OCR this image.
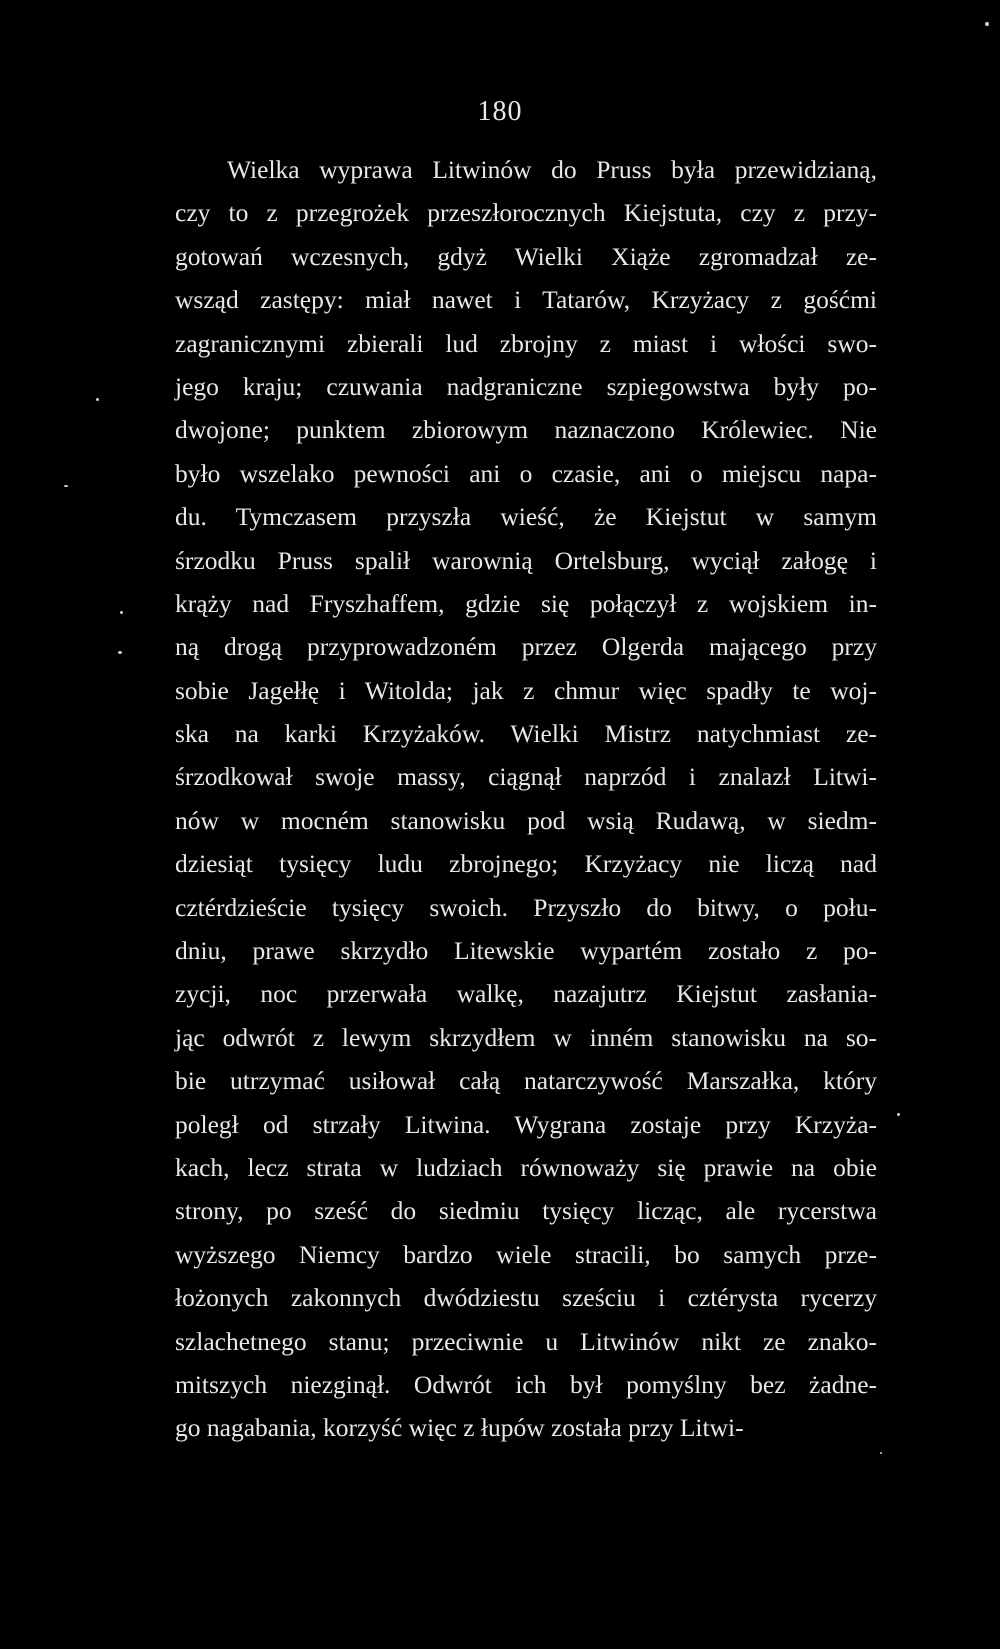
180
Wielka wyprawa Litwinów do Pruss była przewidzianą,
czy to z przegrożek przeszłorocznych Kiejstuta, czy z przy-
gotowań wczesnych, gdyż Wielki Xiąże zgromadzał ze-
wsząd zastępy: miał nawet i Tatarów, Krzyżacy z gośćmi
zagranicznymi zbierali lud zbrojny z miast i włości swo-
jego kraju; czuwania nadgraniczne szpiegowstwa były po-
dwojone; punktem zbiorowym naznaczono Królewiec. Nie
było wszelako pewności ani o czasie, ani o miejscu napa-
du. Tymczasem przyszła wieść, że Kiejstut w samym
śrzodku Pruss spalił warownią Ortelsburg, wyciął załogę i
krąży nad Fryszhaffem, gdzie się połączył z wojskiem in-
ną drogą przyprowadzoném przez Olgerda mającego przy
sobie Jagełłę i Witolda; jak z chmur więc spadły te woj-
ska na karki Krzyżaków. Wielki Mistrz natychmiast ze-
śrzodkował swoje massy, ciągnął naprzód i znalazł Litwi-
nów w mocném stanowisku pod wsią Rudawą, w siedm-
dziesiąt tysięcy ludu zbrojnego; Krzyżacy nie liczą nad
cztérdzieście tysięcy swoich. Przyszło do bitwy, o połu-
dniu, prawe skrzydło Litewskie wypartém zostało z po-
zycji, noc przerwała walkę, nazajutrz Kiejstut zasłania-
jąc odwrót z lewym skrzydłem w inném stanowisku na so-
bie utrzymać usiłował całą natarczywość Marszałka, który
poległ od strzały Litwina. Wygrana zostaje przy Krzyża-
kach, lecz strata w ludziach równoważy się prawie na obie
strony, po sześć do siedmiu tysięcy licząc, ale rycerstwa
wyższego Niemcy bardzo wiele stracili, bo samych prze-
łożonych zakonnych dwódziestu sześciu i cztérysta rycerzy
szlachetnego stanu; przeciwnie u Litwinów nikt ze znako-
mitszych niezginął. Odwrót ich był pomyślny bez żadne-
go nagabania, korzyść więc z łupów została przy Litwi-
